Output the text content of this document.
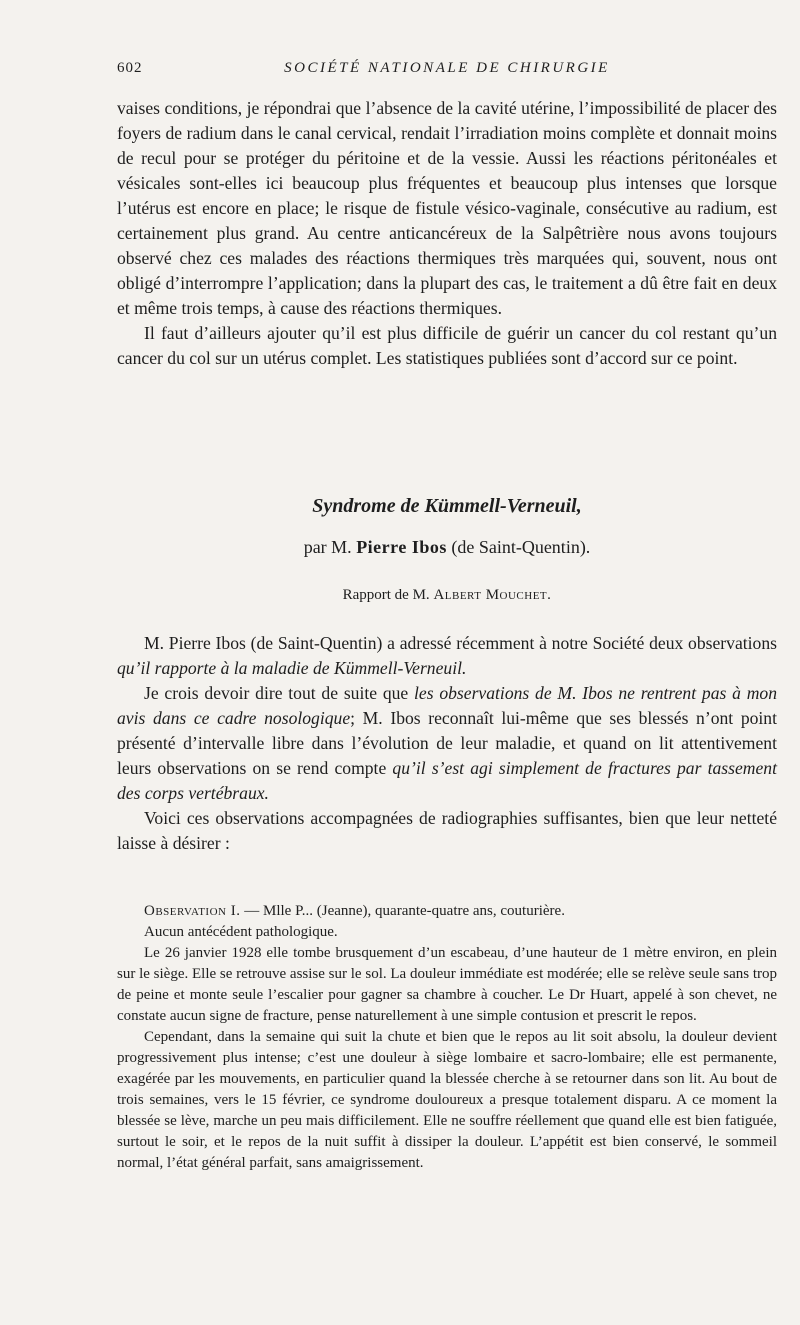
602	SOCIÉTÉ NATIONALE DE CHIRURGIE

vaises conditions, je répondrai que l’absence de la cavité utérine, l’impossibilité de placer des foyers de radium dans le canal cervical, rendait l’irradiation moins complète et donnait moins de recul pour se protéger du péritoine et de la vessie. Aussi les réactions péritonéales et vésicales sont-elles ici beaucoup plus fréquentes et beaucoup plus intenses que lorsque l’utérus est encore en place; le risque de fistule vésico-vaginale, consécutive au radium, est certainement plus grand. Au centre anticancéreux de la Salpêtrière nous avons toujours observé chez ces malades des réactions thermiques très marquées qui, souvent, nous ont obligé d’interrompre l’application; dans la plupart des cas, le traitement a dû être fait en deux et même trois temps, à cause des réactions thermiques.

Il faut d’ailleurs ajouter qu’il est plus difficile de guérir un cancer du col restant qu’un cancer du col sur un utérus complet. Les statistiques publiées sont d’accord sur ce point.

Syndrome de Kümmell-Verneuil,
par M. Pierre Ibos (de Saint-Quentin).
Rapport de M. Albert Mouchet.

M. Pierre Ibos (de Saint-Quentin) a adressé récemment à notre Société deux observations qu’il rapporte à la maladie de Kümmell-Verneuil.

Je crois devoir dire tout de suite que les observations de M. Ibos ne rentrent pas à mon avis dans ce cadre nosologique; M. Ibos reconnaît lui-même que ses blessés n’ont point présenté d’intervalle libre dans l’évolution de leur maladie, et quand on lit attentivement leurs observations on se rend compte qu’il s’est agi simplement de fractures par tassement des corps vertébraux.

Voici ces observations accompagnées de radiographies suffisantes, bien que leur netteté laisse à désirer :

Observation I. — Mlle P... (Jeanne), quarante-quatre ans, couturière.

Aucun antécédent pathologique.

Le 26 janvier 1928 elle tombe brusquement d’un escabeau, d’une hauteur de 1 mètre environ, en plein sur le siège. Elle se retrouve assise sur le sol. La douleur immédiate est modérée; elle se relève seule sans trop de peine et monte seule l’escalier pour gagner sa chambre à coucher. Le Dr Huart, appelé à son chevet, ne constate aucun signe de fracture, pense naturellement à une simple contusion et prescrit le repos.

Cependant, dans la semaine qui suit la chute et bien que le repos au lit soit absolu, la douleur devient progressivement plus intense; c’est une douleur à siège lombaire et sacro-lombaire; elle est permanente, exagérée par les mouvements, en particulier quand la blessée cherche à se retourner dans son lit. Au bout de trois semaines, vers le 15 février, ce syndrome douloureux a presque totalement disparu. A ce moment la blessée se lève, marche un peu mais difficilement. Elle ne souffre réellement que quand elle est bien fatiguée, surtout le soir, et le repos de la nuit suffit à dissiper la douleur. L’appétit est bien conservé, le sommeil normal, l’état général parfait, sans amaigrissement.
